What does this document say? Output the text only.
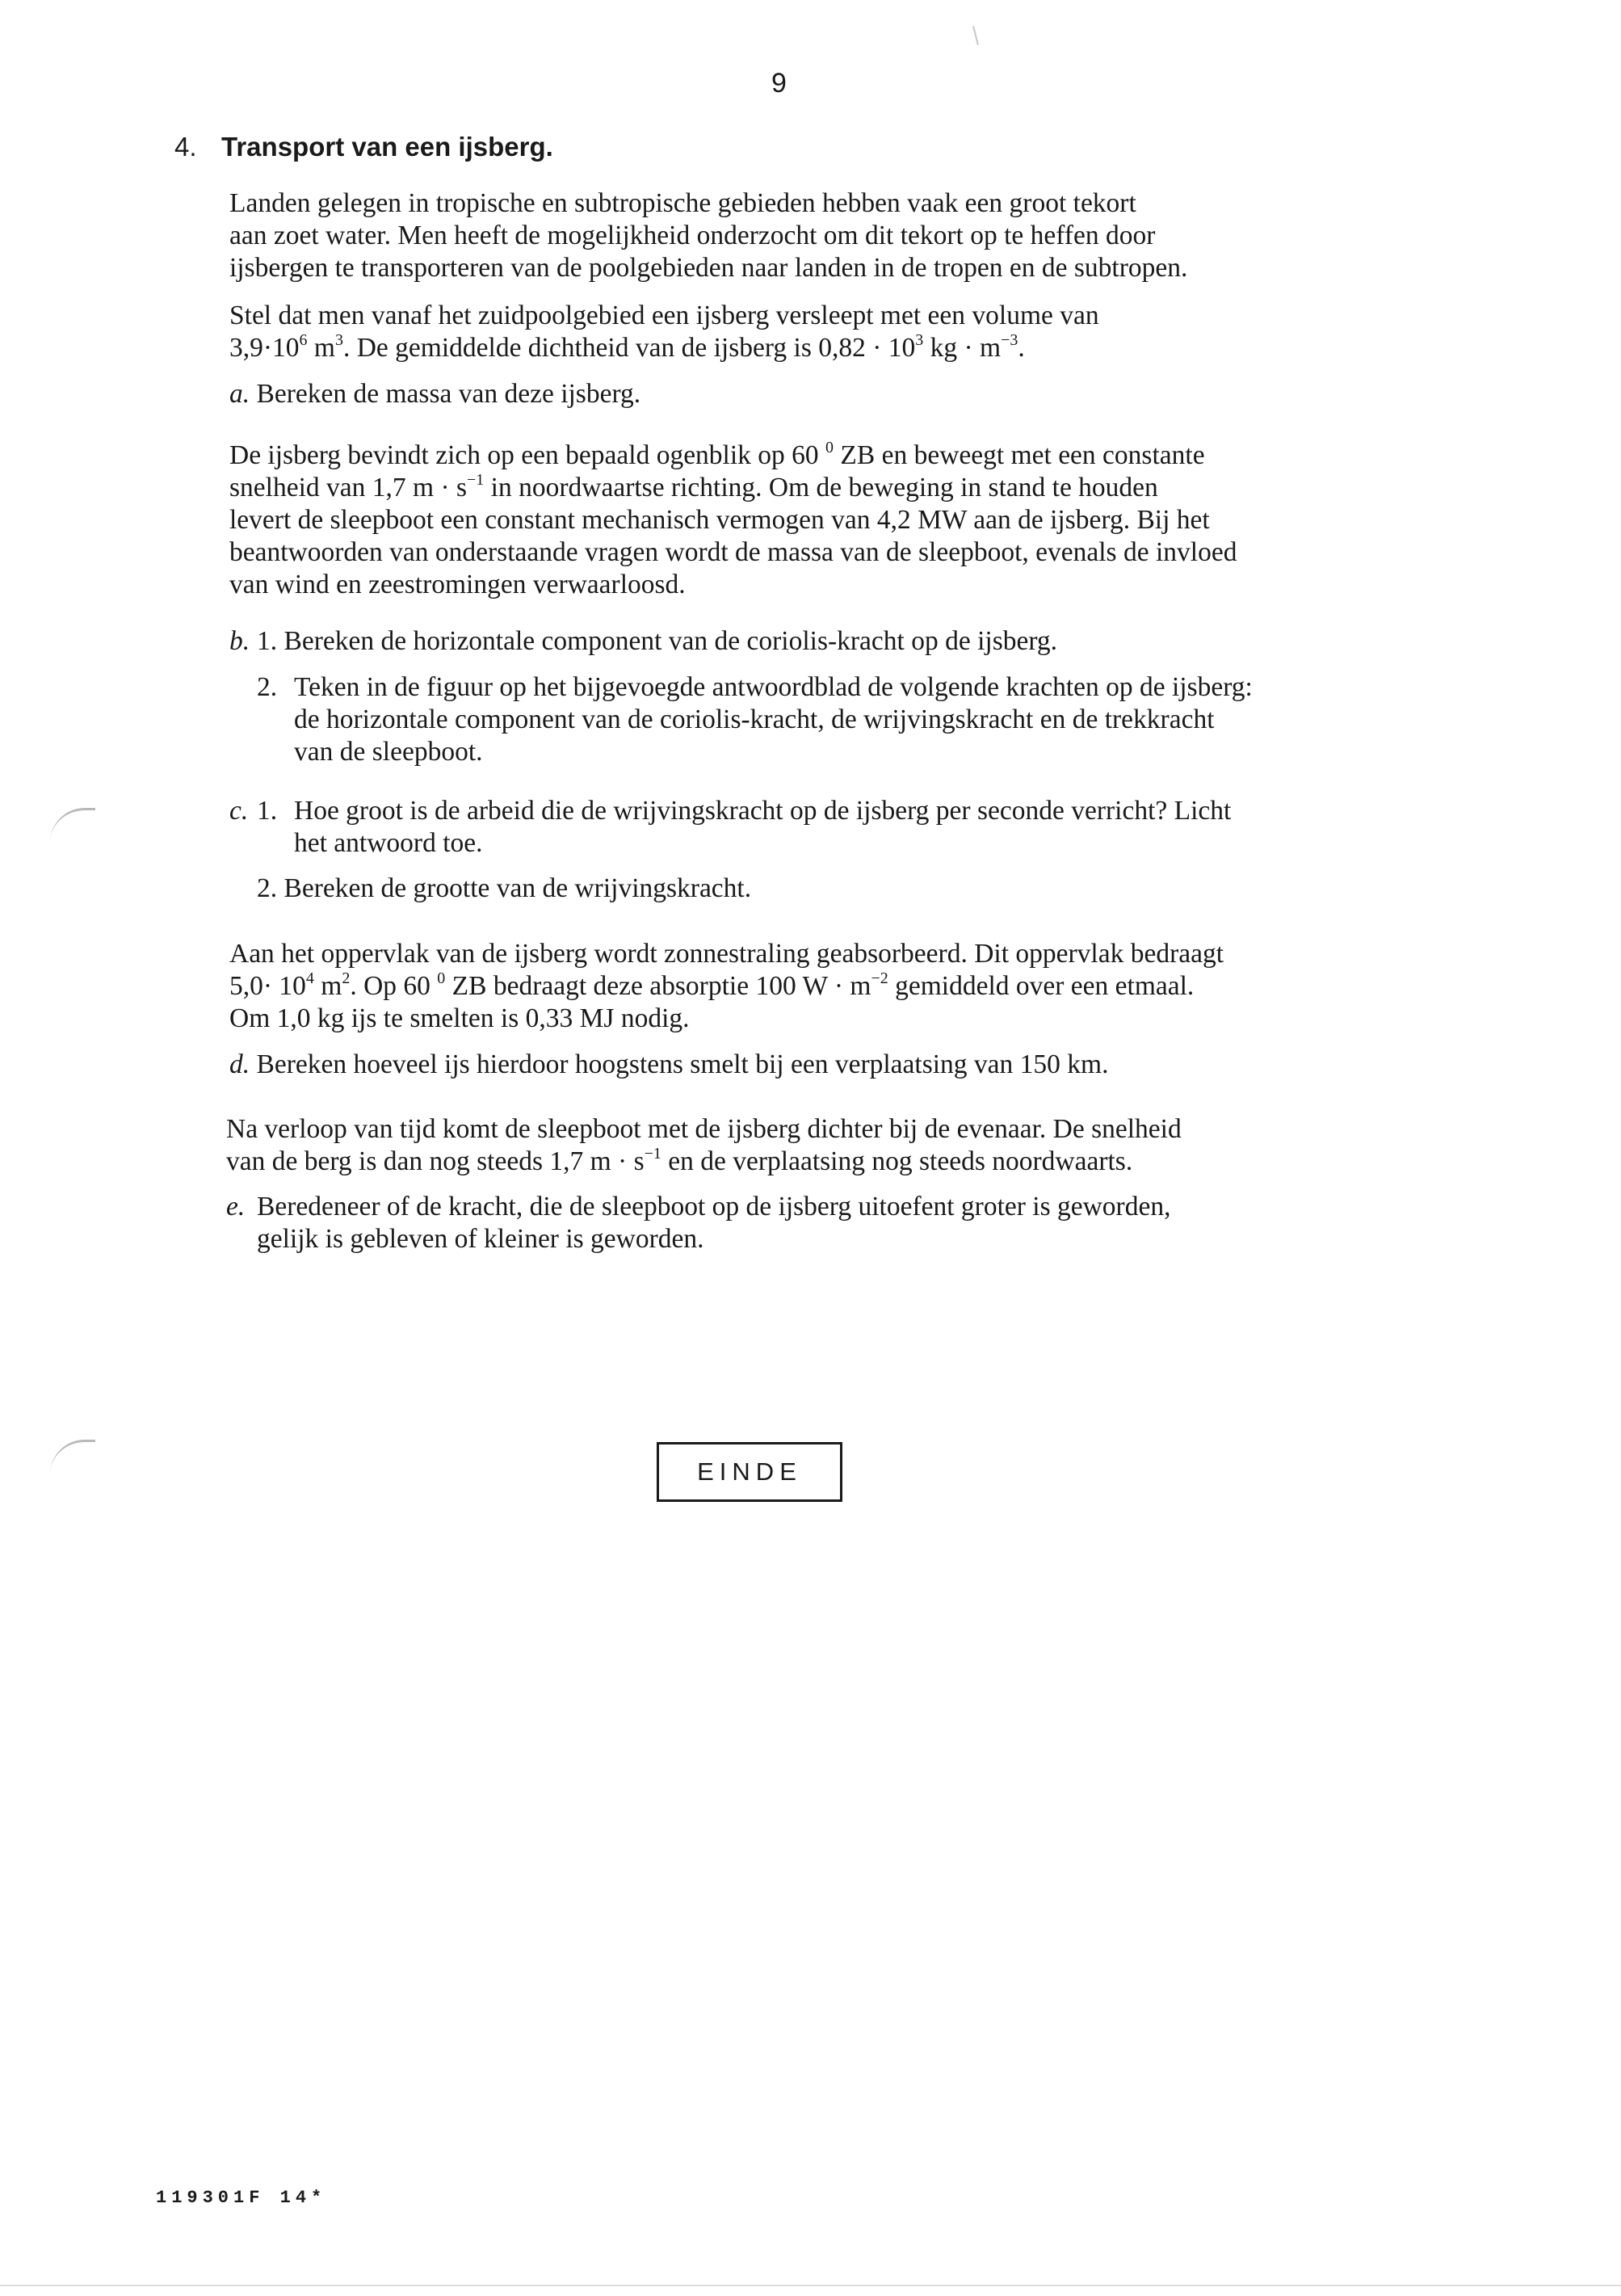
9
4. Transport van een ijsberg.
Landen gelegen in tropische en subtropische gebieden hebben vaak een groot tekort
aan zoet water. Men heeft de mogelijkheid onderzocht om dit tekort op te heffen door
ijsbergen te transporteren van de poolgebieden naar landen in de tropen en de subtropen.
Stel dat men vanaf het zuidpoolgebied een ijsberg versleept met een volume van
$3,9\cdot 10^6$ $m^3$. De gemiddelde dichtheid van de ijsberg is $0,82 \cdot 10^3$ kg · $m^{-3}$.
a. Bereken de massa van deze ijsberg.
De ijsberg bevindt zich op een bepaald ogenblik op 60 $^0$ ZB en beweegt met een constante
snelheid van 1,7 $m \cdot s^{-1}$ in noordwaartse richting. Om de beweging in stand te houden
levert de sleepboot een constant mechanisch vermogen van 4,2 MW aan de ijsberg. Bij het
beantwoorden van onderstaande vragen wordt de massa van de sleepboot, evenals de invloed
van wind en zeestromingen verwaarloosd.
b. 1. Bereken de horizontale component van de coriolis-kracht op de ijsberg.
2. Teken in de figuur op het bijgevoegde antwoordblad de volgende krachten op de ijsberg:
de horizontale component van de coriolis-kracht, de wrijvingskracht en de trekkracht
van de sleepboot.
c. 1. Hoe groot is de arbeid die de wrijvingskracht op de ijsberg per seconde verricht? Licht
het antwoord toe.
2. Bereken de grootte van de wrijvingskracht.
Aan het oppervlak van de ijsberg wordt zonnestraling geabsorbeerd. Dit oppervlak bedraagt
$5,0\cdot 10^4$ $m^2$. Op 60 $^0$ ZB bedraagt deze absorptie 100 $W \cdot m^{-2}$ gemiddeld over een etmaal.
Om 1,0 kg ijs te smelten is 0,33 MJ nodig.
d. Bereken hoeveel ijs hierdoor hoogstens smelt bij een verplaatsing van 150 km.
Na verloop van tijd komt de sleepboot met de ijsberg dichter bij de evenaar. De snelheid
van de berg is dan nog steeds 1,7 $m \cdot s^{-1}$ en de verplaatsing nog steeds noordwaarts.
e. Beredeneer of de kracht, die de sleepboot op de ijsberg uitoefent groter is geworden,
gelijk is gebleven of kleiner is geworden.
EINDE
119301F 14*
